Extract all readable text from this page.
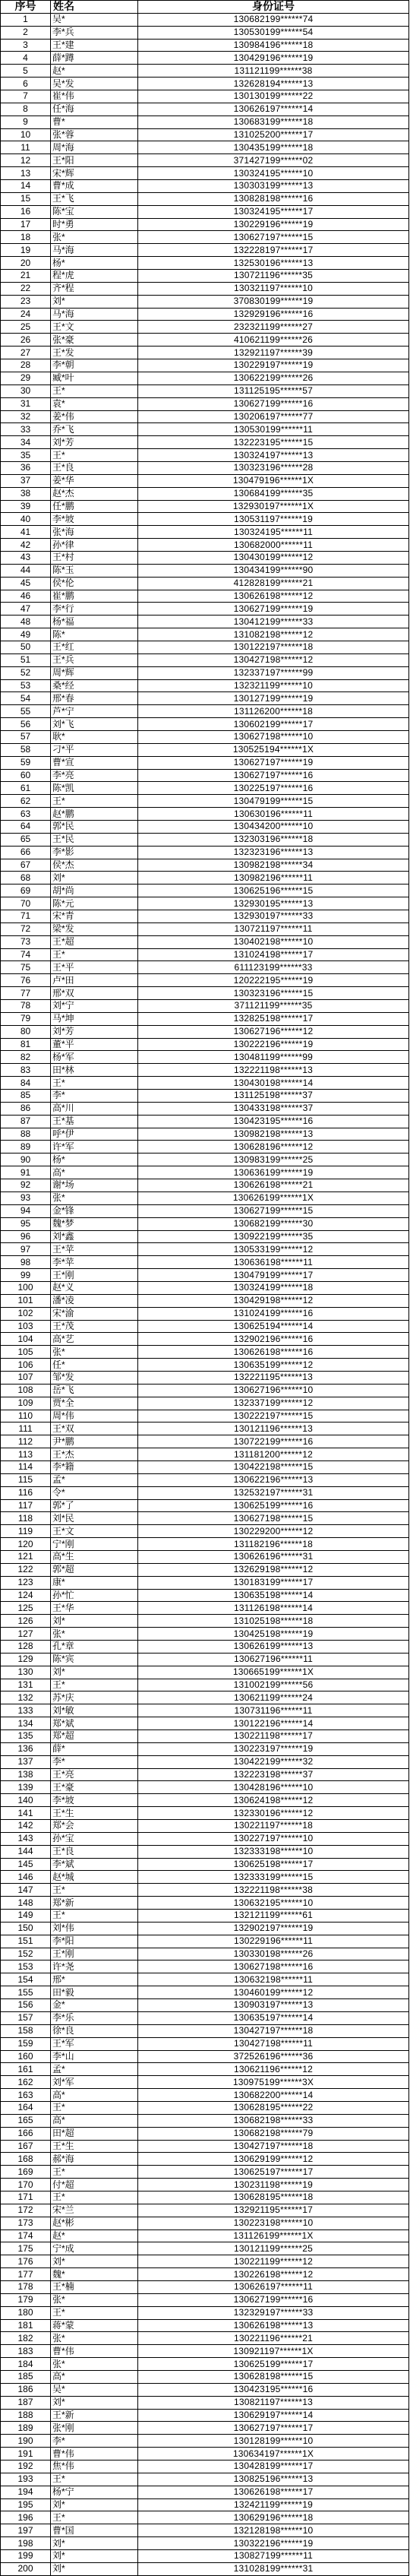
序号	姓名	身份证号
1	吴*	130682199******74
2	李*兵	130530199******54
3	王*建	130984196******18
4	薛*蹲	130429196******19
5	赵*	131121199******38
6	吴*发	132628194******13
7	崔*伟	130130199******22
8	任*海	130626197******14
9	曹*	130683199******18
10	张*蓉	131025200******17
11	周*海	130435199******18
12	王*阳	371427199******02
13	宋*辉	130324195******10
14	曹*成	130303199******13
15	王*飞	130828198******16
16	陈*宝	130324195******17
17	时*勇	130229196******19
18	张*	130627197******15
19	马*海	132228197******17
20	杨*	132530196******13
21	程*虎	130721196******35
22	齐*程	130321197******10
23	刘*	370830199******19
24	马*海	132929196******16
25	王*文	232321199******27
26	张*豪	410621199******26
27	王*发	132921197******39
28	李*朝	130229197******19
29	臧*叶	130622199******26
30	王*	131125195******57
31	袁*	130627199******16
32	姜*伟	130206197******77
33	乔*飞	130530199******11
34	刘*芳	132223195******15
35	王*	130324197******13
36	王*良	130323196******28
37	姜*华	130479196******1X
38	赵*杰	130684199******35
39	任*鹏	132930197******1X
40	李*坡	130531197******19
41	张*海	130324195******11
42	孙*律	130682000******11
43	王*村	130430199******12
44	陈*玉	130434199******90
45	侯*伦	412828199******21
46	崔*鹏	130626198******12
47	李*行	130627199******19
48	杨*福	130412199******33
49	陈*	131082198******12
50	王*红	130122197******18
51	王*兵	130427198******12
52	周*辉	132337197******99
53	桑*经	132321199******10
54	邢*春	130127199******19
55	芦*宁	131126200******18
56	刘*飞	130602199******17
57	耿*	130627198******10
58	刁*平	130525194******1X
59	曹*宣	130627197******19
60	李*亮	130627197******16
61	陈*凯	130225197******16
62	王*	130479199******15
63	赵*鹏	130630196******11
64	郭*民	130434200******10
65	王*民	132303196******18
66	李*影	132323196******13
67	侯*杰	130982198******34
68	刘*	130982196******11
69	胡*尚	130625196******15
70	陈*元	132930195******13
71	宋*青	132930197******33
72	梁*发	130721197******11
73	王*超	130402198******10
74	王*	131024198******17
75	王*平	611123199******33
76	卢*田	120222195******19
77	邢*双	130323196******15
78	刘*宁	371121199******35
79	马*坤	132825198******17
80	刘*芳	130627196******12
81	董*平	130222196******19
82	杨*军	130481199******99
83	田*林	132221198******13
84	王*	130430198******14
85	李*	131125198******37
86	高*川	130433198******37
87	王*基	130423195******16
88	呼*伊	130982198******13
89	许*军	130628196******12
90	杨*	130983199******25
91	高*	130636199******19
92	谢*场	130626198******21
93	张*	130626199******1X
94	金*锋	130627199******15
95	魏*梦	130682199******30
96	刘*鑫	130922199******35
97	王*苹	130533199******12
98	李*苹	130636198******11
99	王*刚	130479199******17
100	赵*义	130324199******18
101	潘*凌	130429198******12
102	宋*渝	131024199******16
103	王*茂	130625194******14
104	高*艺	132902196******16
105	张*	130626198******16
106	任*	130635199******12
107	邹*发	132221195******13
108	岳*飞	130627196******10
109	贾*全	132337199******12
110	周*伟	130222197******15
111	王*双	130121196******13
112	尹*鹏	130722199******16
113	王*杰	131181200******12
114	李*籍	130422198******15
115	孟*	130622196******13
116	令*	132532197******31
117	郭*了	130625199******16
118	刘*民	130627198******15
119	王*文	130229200******12
120	宁*刚	131182196******18
121	高*生	130626196******31
122	郭*超	132629198******12
123	康*	130183199******17
124	孙*忙	130635198******14
125	王*华	131126198******14
126	刘*	131025198******18
127	张*	130425198******19
128	孔*章	130626199******13
129	陈*宾	130627196******11
130	刘*	130665199******1X
131	王*	131002199******56
132	苏*庆	130621199******24
133	刘*敏	130731196******11
134	郑*斌	130122196******14
135	郑*超	130221198******17
136	薛*	130223197******19
137	李*	130422199******32
138	王*亮	132223198******37
139	王*豪	130428196******10
140	李*坡	130624198******12
141	王*生	132330196******12
142	郑*会	130221197******18
143	孙*宝	130227197******10
144	王*良	132333198******10
145	李*斌	130625198******17
146	赵*城	132333199******15
147	王*	132221198******38
148	郑*新	130632195******10
149	王*	132121199******61
150	刘*伟	132902197******19
151	李*阳	130229196******11
152	王*刚	130330198******26
153	许*尧	130627198******16
154	邢*	130632198******11
155	田*毅	130460199******12
156	金*	130903197******13
157	李*乐	130635197******14
158	徐*良	130427197******18
159	王*军	130427198******11
160	李*山	372526196******36
161	孟*	130621196******12
162	刘*军	130975199******3X
163	高*	130682200******14
164	王*	130628195******22
165	高*	130682198******33
166	田*超	130682198******79
167	王*生	130427197******18
168	郝*海	130629199******12
169	王*	130625197******17
170	付*超	130231198******19
171	王*	130628195******18
172	宋*兰	132921195******17
173	赵*彬	130223198******10
174	赵*	131126199******1X
175	宁*成	130121199******25
176	刘*	130221199******12
177	魏*	130226198******12
178	王*楠	130626197******11
179	张*	130627199******16
180	王*	132329197******33
181	蒋*蒙	130626198******13
182	张*	130221196******21
183	曹*伟	130921197******1X
184	张*	130625199******17
185	高*	130628198******15
186	吴*	130423195******16
187	刘*	130821197******13
188	王*新	130629197******14
189	张*刚	130627197******17
190	李*	130128199******10
191	曹*伟	130634197******1X
192	焦*伟	130428199******17
193	王*	130825196******13
194	杨*宁	130626198******17
195	刘*	132421199******19
196	王*	130629196******18
197	曹*国	132128198******10
198	刘*	130322196******19
199	刘*	130827199******11
200	刘*	131028199******31
